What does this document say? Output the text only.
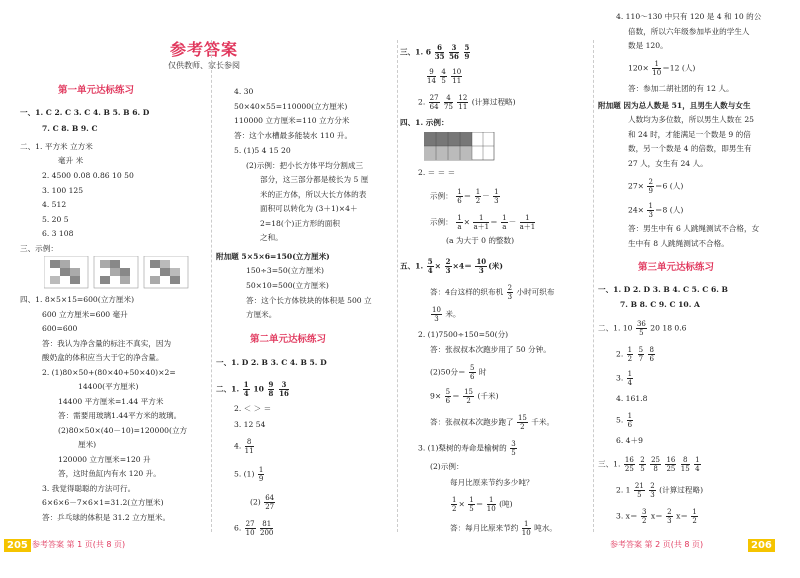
参考答案
仅供教师、家长参阅
第一单元达标练习
一、1. C 2. C 3. C 4. B 5. B 6. D
7. C 8. B 9. C
二、1. 平方米 立方米
毫升 米
2. 4500 0.08 0.86 10 50
3. 100 125
4. 512
5. 20 5
6. 3 108
三、示例：
四、1. 8×5×15=600(立方厘米)
600 立方厘米=600 毫升
600=600
答：我认为净含量的标注不真实，因为
酸奶盒的体积应当大于它的净含量。
2. (1)80×50+(80×40+50×40)×2=
14400(平方厘米)
14400 平方厘米=1.44 平方米
答：需要用玻璃1.44平方米的玻璃。
(2)80×50×(40－10)=120000(立方
厘米)
120000 立方厘米=120 升
答，这时鱼缸内有水 120 升。
3. 我觉得聪聪的方法可行。
6×6×6－7×6×1=31.2(立方厘米)
答：乒乓球的体积是 31.2 立方厘米。
4. 30
50×40×55=110000(立方厘米)
110000 立方厘米=110 立方分米
答：这个水槽最多能装水 110 升。
5. (1)5 4 15 20
(2)示例：把小长方体平均分割成三
部分，这三部分都是棱长为 5 厘
米的正方体，所以大长方体的表
面积可以转化为 (3＋1)×4＋
2=18(个)正方形的面积
之和。
附加题 5×5×6=150(立方厘米)
150÷3=50(立方厘米)
50×10=500(立方厘米)
答：这个长方体铁块的体积是 500 立
方厘米。
第二单元达标练习
一、1. D 2. B 3. C 4. B 5. D
二、1. $\frac{1}{4} 10 \frac{9}{8}$
$\frac{3}{16}$
2. ＜ ＞ ＝
3. 12 54
4. $\frac{8}{11}$
5. $(1) \frac{1}{9}$
$(2) \frac{64}{27}$
6. $\frac{27}{10}$
$\frac{81}{200}$
三、1. $6 \frac{6}{35}$
$\frac{3}{56}$
$\frac{5}{9}$
$\frac{9}{14}$
$\frac{4}{5}$
$\frac{10}{11}$
2. $\frac{27}{64}$
$\frac{4}{75}$
$\frac{12}{11}$ (计算过程略)
四、1. 示例：
2. ＝ ＝ ＝
示例： $\frac{1}{6} = \frac{1}{2} - \frac{1}{3}$
示例： $\frac{1}{a} \times \frac{1}{a+1} = \frac{1}{a} - \frac{1}{a+1}$
(a 为大于 0 的整数)
五、1. $\frac{5}{4} \times \frac{2}{3} \times 4= \frac{10}{3}$ (米)
答：4台这样的织布机 $\frac{2}{3}$ 小时可织布
$\frac{10}{3}$ 米。
2. (1)7500÷150=50(分)
答：张叔叔本次跑步用了 50 分钟。
(2)50分＝ $\frac{5}{6}$ 时
$9\times \frac{5}{6} = \frac{15}{2}$ (千米)
答：张叔叔本次跑步跑了 $\frac{15}{2}$ 千米。
3. (1)梨树的寿命是榆树的 $\frac{3}{5}$
(2)示例：
每月比原来节约多少吨？
$\frac{1}{2} \times \frac{1}{5} = \frac{1}{10}$ (吨)
答：每月比原来节约 $\frac{1}{10}$ 吨水。
4. 110～130 中只有 120 是 4 和 10 的公
倍数，所以六年级参加毕业的学生人
数是 120。
$120\times \frac{1}{10} =12$ (人)
答：参加二胡社团的有 12 人。
附加题 因为总人数是 51，且男生人数与女生
人数均为多位数，所以男生人数在 25
和 24 时，才能满足一个数是 9 的倍
数，另一个数是 4 的倍数，即男生有
27 人，女生有 24 人。
$27\times \frac{2}{9} =6$ (人)
$24\times \frac{1}{3} =8$ (人)
答：男生中有 6 人跳绳测试不合格，女
生中有 8 人跳绳测试不合格。
第三单元达标练习
一、1. D 2. D 3. B 4. C 5. C 6. B
7. B 8. C 9. C 10. A
二、1. $10 \frac{36}{5} 20$ 18 0.6
2. $\frac{1}{2}$
$\frac{5}{7}$
$\frac{8}{6}$
3. $\frac{1}{4}$
4. 161.8
5. $\frac{1}{6}$
6. 4＋9
三、1. $\frac{16}{25}$
$\frac{2}{5}$
$\frac{25}{8}$
$\frac{16}{25}$
$\frac{8}{15}$
$\frac{1}{4}$
2. $1 \frac{21}{5}$
$\frac{2}{3}$ (计算过程略)
3. $x= \frac{3}{2} x= \frac{2}{3} x= \frac{1}{2}$
205 参考答案 第 1 页(共 8 页)	参考答案 第 2 页(共 8 页)	206
